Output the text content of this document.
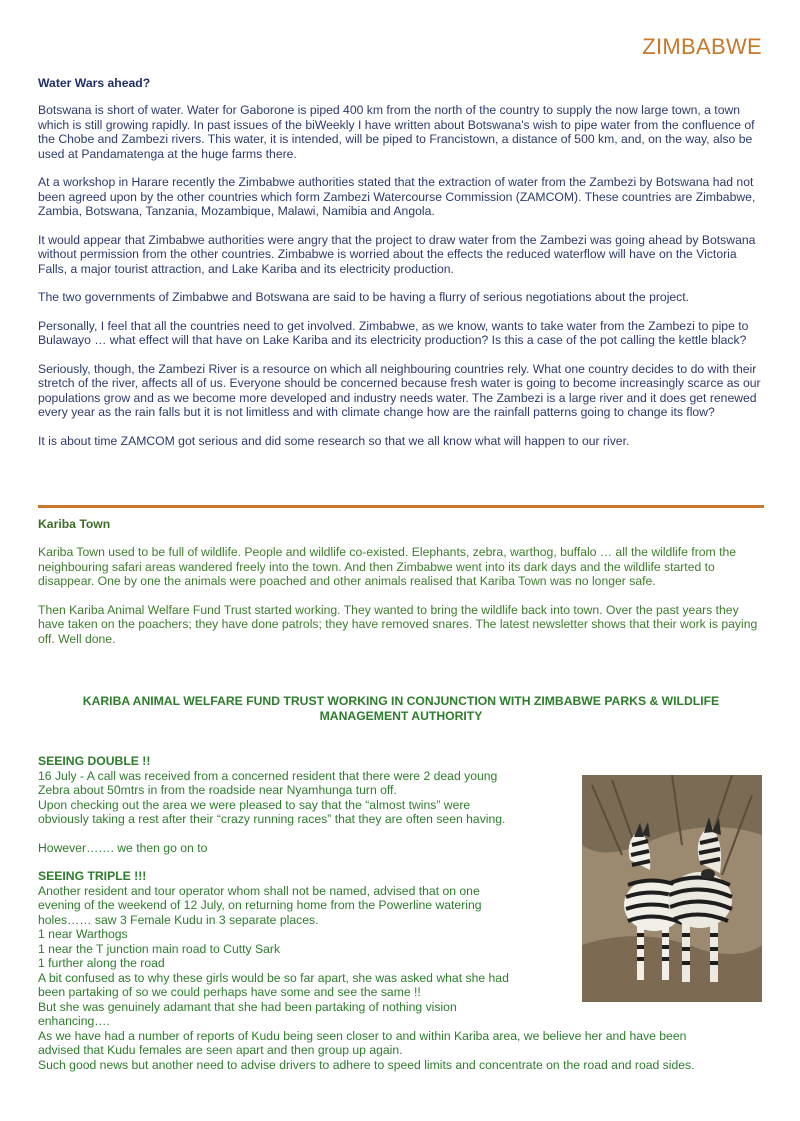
ZIMBABWE
Water Wars ahead?

Botswana is short of water. Water for Gaborone is piped 400 km from the north of the country to supply the now large town, a town which is still growing rapidly. In past issues of the biWeekly I have written about Botswana's wish to pipe water from the confluence of the Chobe and Zambezi rivers. This water, it is intended, will be piped to Francistown, a distance of 500 km, and, on the way, also be used at Pandamatenga at the huge farms there.

At a workshop in Harare recently the Zimbabwe authorities stated that the extraction of water from the Zambezi by Botswana had not been agreed upon by the other countries which form Zambezi Watercourse Commission (ZAMCOM). These countries are Zimbabwe, Zambia, Botswana, Tanzania, Mozambique, Malawi, Namibia and Angola.

It would appear that Zimbabwe authorities were angry that the project to draw water from the Zambezi was going ahead by Botswana without permission from the other countries. Zimbabwe is worried about the effects the reduced waterflow will have on the Victoria Falls, a major tourist attraction, and Lake Kariba and its electricity production.

The two governments of Zimbabwe and Botswana are said to be having a flurry of serious negotiations about the project.

Personally, I feel that all the countries need to get involved. Zimbabwe, as we know, wants to take water from the Zambezi to pipe to Bulawayo … what effect will that have on Lake Kariba and its electricity production? Is this a case of the pot calling the kettle black?

Seriously, though, the Zambezi River is a resource on which all neighbouring countries rely. What one country decides to do with their stretch of the river, affects all of us. Everyone should be concerned because fresh water is going to become increasingly scarce as our populations grow and as we become more developed and industry needs water. The Zambezi is a large river and it does get renewed every year as the rain falls but it is not limitless and with climate change how are the rainfall patterns going to change its flow?

It is about time ZAMCOM got serious and did some research so that we all know what will happen to our river.

Kariba Town

Kariba Town used to be full of wildlife. People and wildlife co-existed. Elephants, zebra, warthog, buffalo … all the wildlife from the neighbouring safari areas wandered freely into the town. And then Zimbabwe went into its dark days and the wildlife started to disappear. One by one the animals were poached and other animals realised that Kariba Town was no longer safe.

Then Kariba Animal Welfare Fund Trust started working. They wanted to bring the wildlife back into town. Over the past years they have taken on the poachers; they have done patrols; they have removed snares. The latest newsletter shows that their work is paying off. Well done.

KARIBA ANIMAL WELFARE FUND TRUST WORKING IN CONJUNCTION WITH ZIMBABWE PARKS & WILDLIFE
MANAGEMENT AUTHORITY
SEEING DOUBLE !!
16 July - A call was received from a concerned resident that there were 2 dead young
Zebra about 50mtrs in from the roadside near Nyamhunga turn off.
Upon checking out the area we were pleased to say that the “almost twins” were
obviously taking a rest after their “crazy running races” that they are often seen having.
However……. we then go on to
SEEING TRIPLE !!!
Another resident and tour operator whom shall not be named, advised that on one
evening of the weekend of 12 July, on returning home from the Powerline watering
holes…… saw 3 Female Kudu in 3 separate places.
1 near Warthogs
1 near the T junction main road to Cutty Sark
1 further along the road
A bit confused as to why these girls would be so far apart, she was asked what she had
been partaking of so we could perhaps have some and see the same !!
But she was genuinely adamant that she had been partaking of nothing vision
enhancing….
As we have had a number of reports of Kudu being seen closer to and within Kariba area, we believe her and have been
advised that Kudu females are seen apart and then group up again.
Such good news but another need to advise drivers to adhere to speed limits and concentrate on the road and road sides.
